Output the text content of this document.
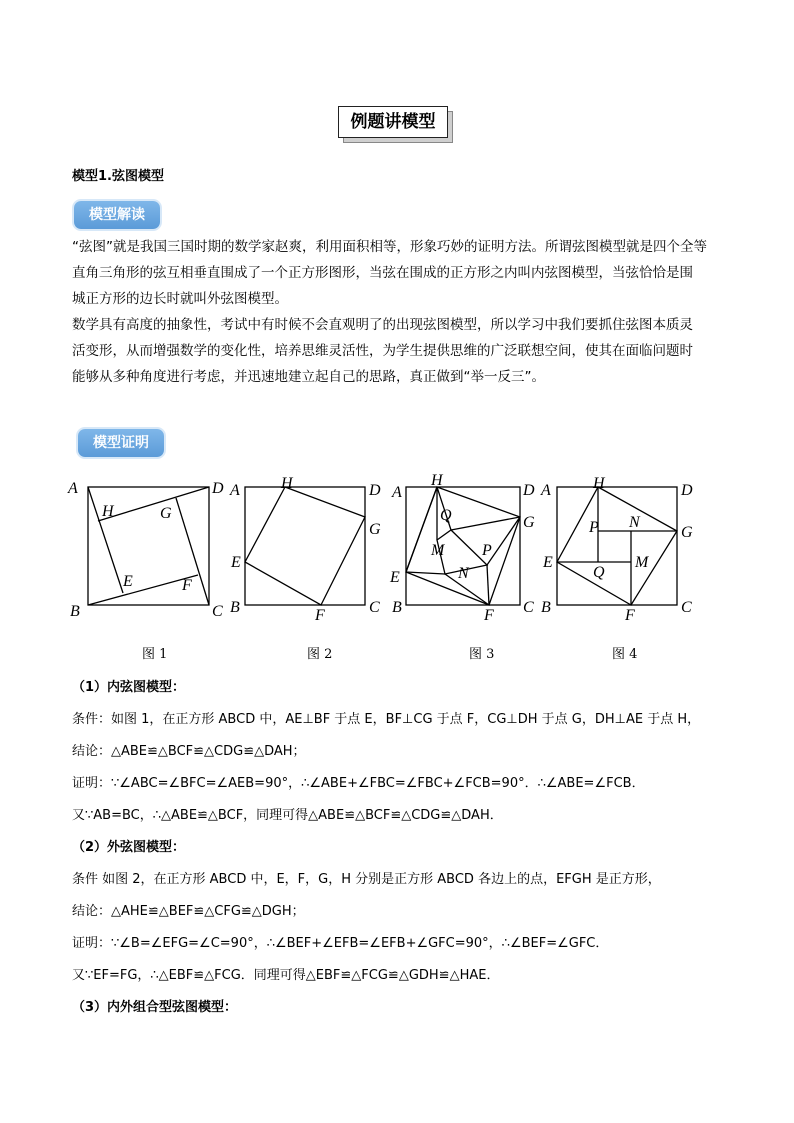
例题讲模型
模型1.弦图模型
模型解读

“弦图”就是我国三国时期的数学家赵爽，利用面积相等，形象巧妙的证明方法。所谓弦图模型就是四个全等

直角三角形的弦互相垂直围成了一个正方形图形，当弦在围成的正方形之内叫内弦图模型，当弦恰恰是围

城正方形的边长时就叫外弦图模型。

数学具有高度的抽象性，考试中有时候不会直观明了的出现弦图模型，所以学习中我们要抓住弦图本质灵

活变形，从而增强数学的变化性，培养思维灵活性，为学生提供思维的广泛联想空间，使其在面临问题时

能够从多种角度进行考虑，并迅速地建立起自己的思路，真正做到“举一反三”。

模型证明
A	D
B	C
H	G
E	F
A	H	D
G
E
B	F	C
H
A	D
G
Q
M P
N
E
B	F C
A	H	D
P N
G
E
Q
M
B	F	C
图 1	图 2	图 3	图 4
（1）内弦图模型：
条件：如图 1，在正方形 ABCD 中，AE⊥BF 于点 E，BF⊥CG 于点 F，CG⊥DH 于点 G，DH⊥AE 于点 H，
结论：△ABE≌△BCF≌△CDG≌△DAH；
证明：∵∠ABC=∠BFC=∠AEB=90°，∴∠ABE+∠FBC=∠FBC+∠FCB=90°．∴∠ABE=∠FCB．
又∵AB=BC，∴△ABE≌△BCF，同理可得△ABE≌△BCF≌△CDG≌△DAH．
（2）外弦图模型：
条件 如图 2，在正方形 ABCD 中，E，F，G，H 分别是正方形 ABCD 各边上的点，EFGH 是正方形，
结论：△AHE≌△BEF≌△CFG≌△DGH；
证明：∵∠B=∠EFG=∠C=90°，∴∠BEF+∠EFB=∠EFB+∠GFC=90°，∴∠BEF=∠GFC．
又∵EF=FG，∴△EBF≌△FCG．同理可得△EBF≌△FCG≌△GDH≌△HAE．
（3）内外组合型弦图模型：
